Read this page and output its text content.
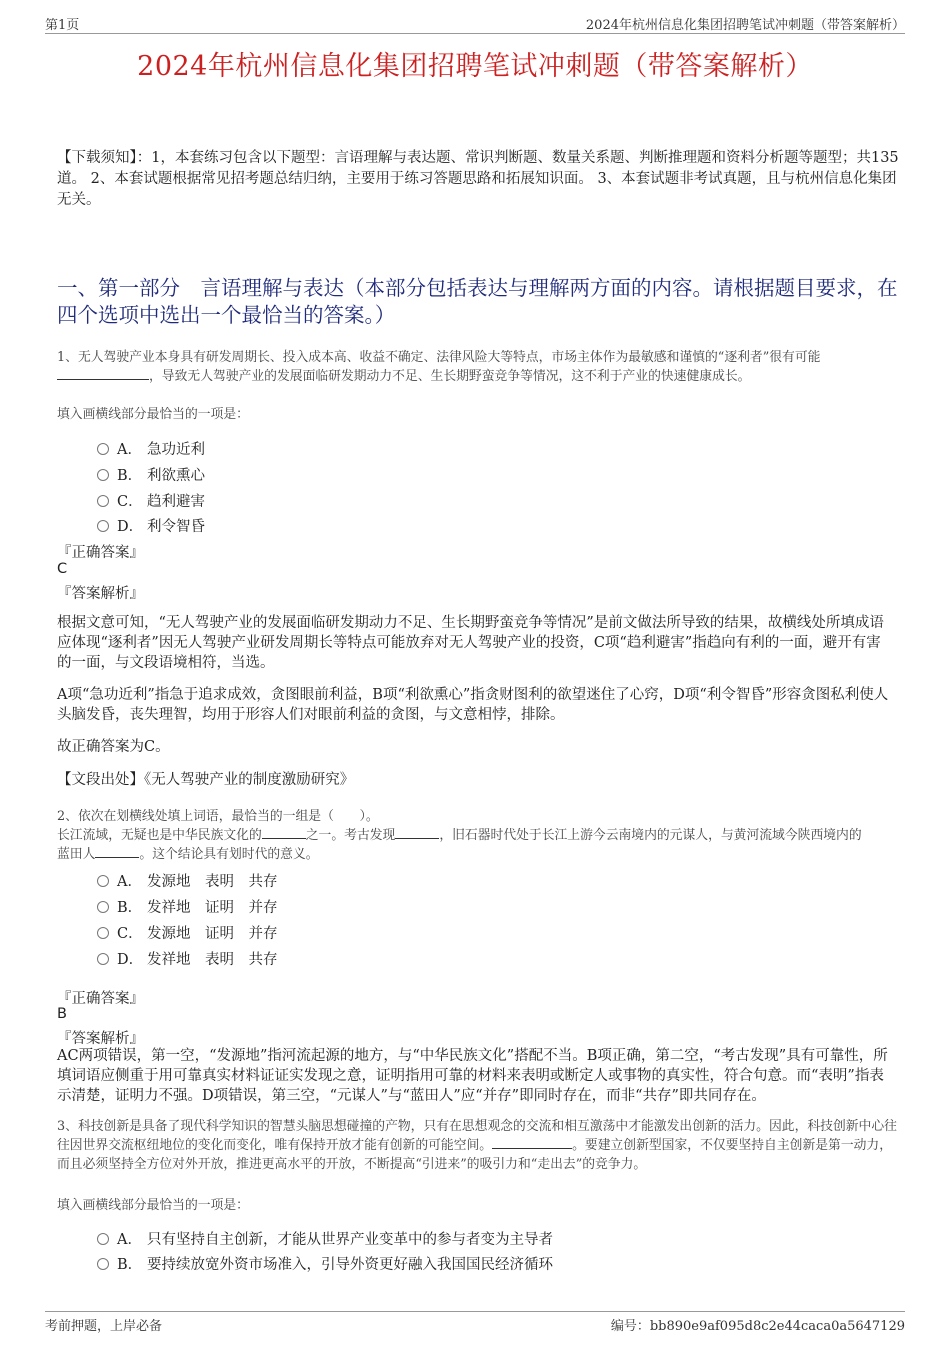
第1页	2024年杭州信息化集团招聘笔试冲刺题（带答案解析）
2024年杭州信息化集团招聘笔试冲刺题（带答案解析）
【下载须知】：1，本套练习包含以下题型：言语理解与表达题、常识判断题、数量关系题、判断推理题和资料分析题等题型；共135道。 2、本套试题根据常见招考题总结归纳，主要用于练习答题思路和拓展知识面。 3、本套试题非考试真题，且与杭州信息化集团无关。
一、第一部分　言语理解与表达（本部分包括表达与理解两方面的内容。请根据题目要求，在四个选项中选出一个最恰当的答案。）
1、无人驾驶产业本身具有研发周期长、投入成本高、收益不确定、法律风险大等特点，市场主体作为最敏感和谨慎的“逐利者”很有可能
，导致无人驾驶产业的发展面临研发期动力不足、生长期野蛮竞争等情况，这不利于产业的快速健康成长。
填入画横线部分最恰当的一项是：
A． 急功近利
B． 利欲熏心
C． 趋利避害
D． 利令智昏
『正确答案』
C
『答案解析』
根据文意可知，“无人驾驶产业的发展面临研发期动力不足、生长期野蛮竞争等情况”是前文做法所导致的结果，故横线处所填成语应体现“逐利者”因无人驾驶产业研发周期长等特点可能放弃对无人驾驶产业的投资，C项“趋利避害”指趋向有利的一面，避开有害的一面，与文段语境相符，当选。
A项“急功近利”指急于追求成效，贪图眼前利益，B项“利欲熏心”指贪财图利的欲望迷住了心窍，D项“利令智昏”形容贪图私利使人头脑发昏，丧失理智，均用于形容人们对眼前利益的贪图，与文意相悖，排除。
故正确答案为C。
【文段出处】《无人驾驶产业的制度激励研究》
2、依次在划横线处填上词语，最恰当的一组是（　　）。
长江流域，无疑也是中华民族文化的	之一。考古发现	，旧石器时代处于长江上游今云南境内的元谋人，与黄河流域今陕西境内的
蓝田人	。这个结论具有划时代的意义。
A． 发源地　表明　共存
B． 发祥地　证明　并存
C． 发源地　证明　并存
D． 发祥地　表明　共存
『正确答案』
B
『答案解析』
AC两项错误，第一空，“发源地”指河流起源的地方，与“中华民族文化”搭配不当。B项正确，第二空，“考古发现”具有可靠性，所填词语应侧重于用可靠真实材料证证实发现之意，证明指用可靠的材料来表明或断定人或事物的真实性，符合句意。而“表明”指表示清楚，证明力不强。D项错误，第三空，“元谋人”与“蓝田人”应“并存”即同时存在，而非“共存”即共同存在。
3、科技创新是具备了现代科学知识的智慧头脑思想碰撞的产物，只有在思想观念的交流和相互激荡中才能激发出创新的活力。因此，科技创新中心往往因世界交流枢纽地位的变化而变化，唯有保持开放才能有创新的可能空间。	。要建立创新型国家，不仅要坚持自主创新是第一动力，而且必须坚持全方位对外开放，推进更高水平的开放，不断提高“引进来”的吸引力和“走出去”的竞争力。
填入画横线部分最恰当的一项是：
A． 只有坚持自主创新，才能从世界产业变革中的参与者变为主导者
B． 要持续放宽外资市场准入，引导外资更好融入我国国民经济循环
考前押题，上岸必备	编号：bb890e9af095d8c2e44caca0a5647129
